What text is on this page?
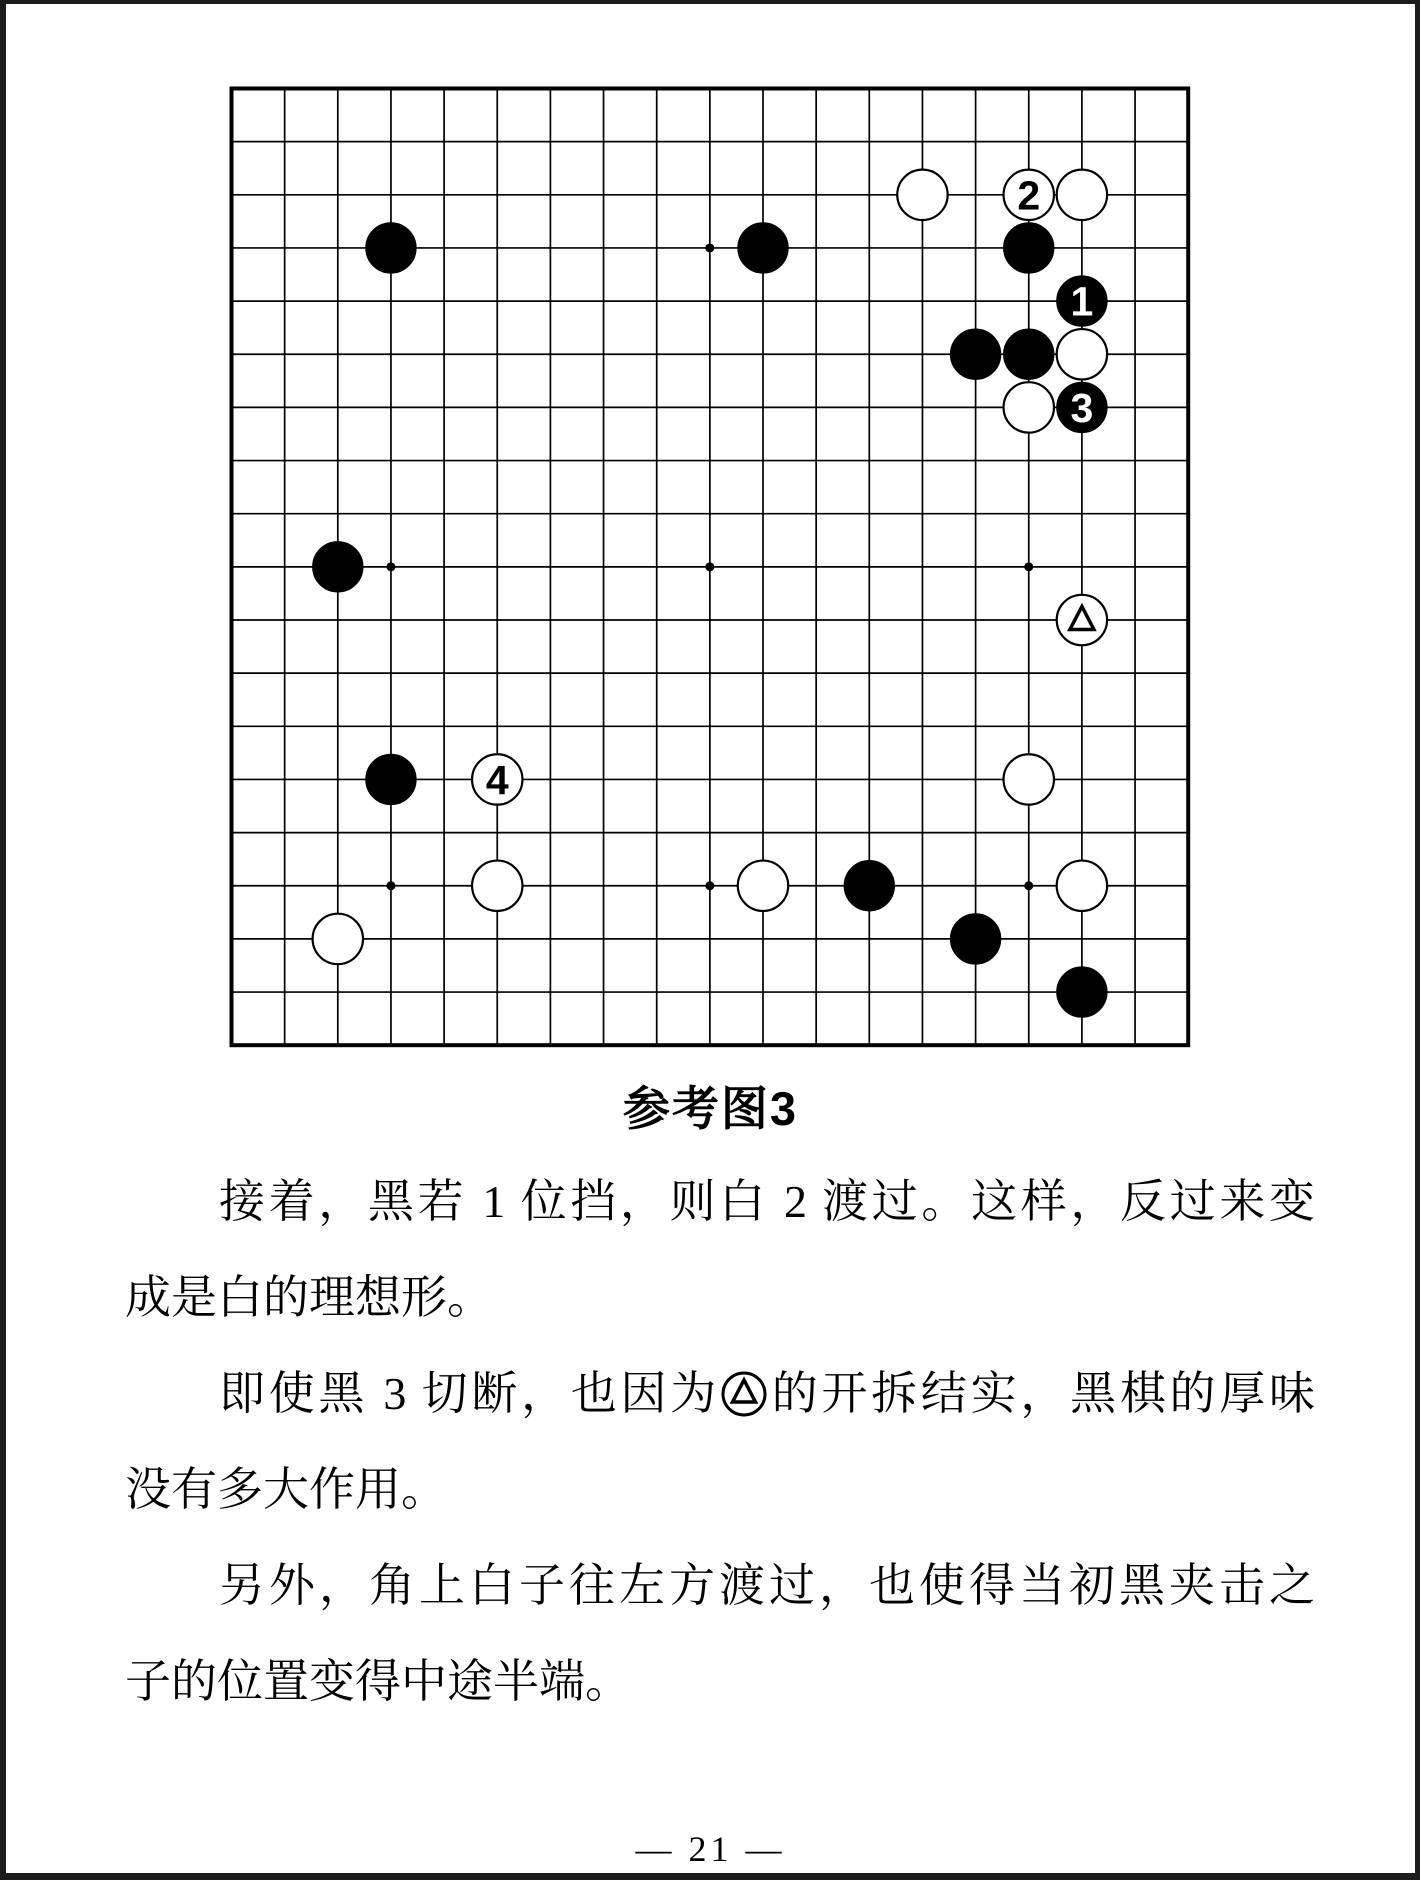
2
1
3
4
参考图3
接着，黑若 1 位挡，则白 2 渡过。这样，反过来变
成是白的理想形。
即使黑 3 切断，也因为 的开拆结实，黑棋的厚味
没有多大作用。
另外，角上白子往左方渡过，也使得当初黑夹击之
子的位置变得中途半端。
— 21 —
